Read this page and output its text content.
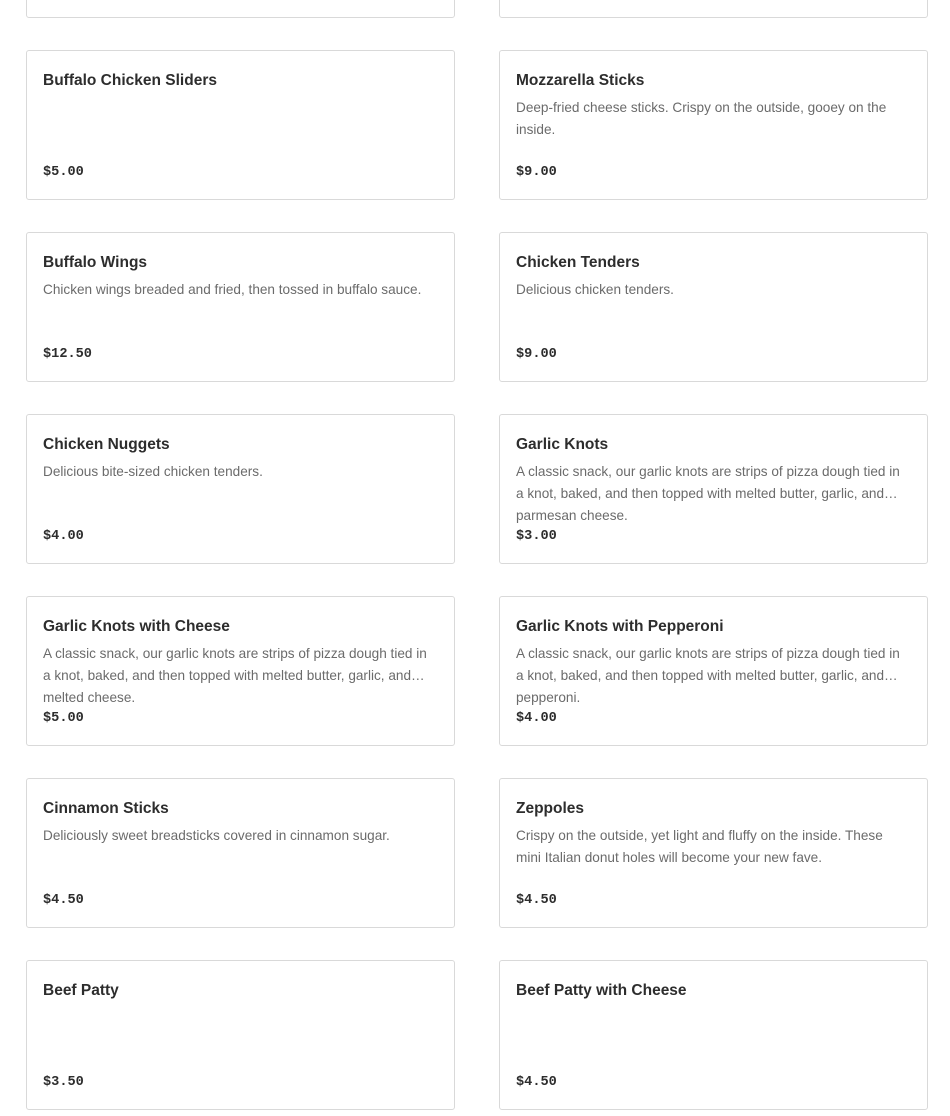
Buffalo Chicken Sliders
$5.00
Mozzarella Sticks
Deep-fried cheese sticks. Crispy on the outside, gooey on the inside.
$9.00
Buffalo Wings
Chicken wings breaded and fried, then tossed in buffalo sauce.
$12.50
Chicken Tenders
Delicious chicken tenders.
$9.00
Chicken Nuggets
Delicious bite-sized chicken tenders.
$4.00
Garlic Knots
A classic snack, our garlic knots are strips of pizza dough tied in a knot, baked, and then topped with melted butter, garlic, and parmesan cheese.
$3.00
Garlic Knots with Cheese
A classic snack, our garlic knots are strips of pizza dough tied in a knot, baked, and then topped with melted butter, garlic, and melted cheese.
$5.00
Garlic Knots with Pepperoni
A classic snack, our garlic knots are strips of pizza dough tied in a knot, baked, and then topped with melted butter, garlic, and pepperoni.
$4.00
Cinnamon Sticks
Deliciously sweet breadsticks covered in cinnamon sugar.
$4.50
Zeppoles
Crispy on the outside, yet light and fluffy on the inside. These mini Italian donut holes will become your new fave.
$4.50
Beef Patty
$3.50
Beef Patty with Cheese
$4.50
